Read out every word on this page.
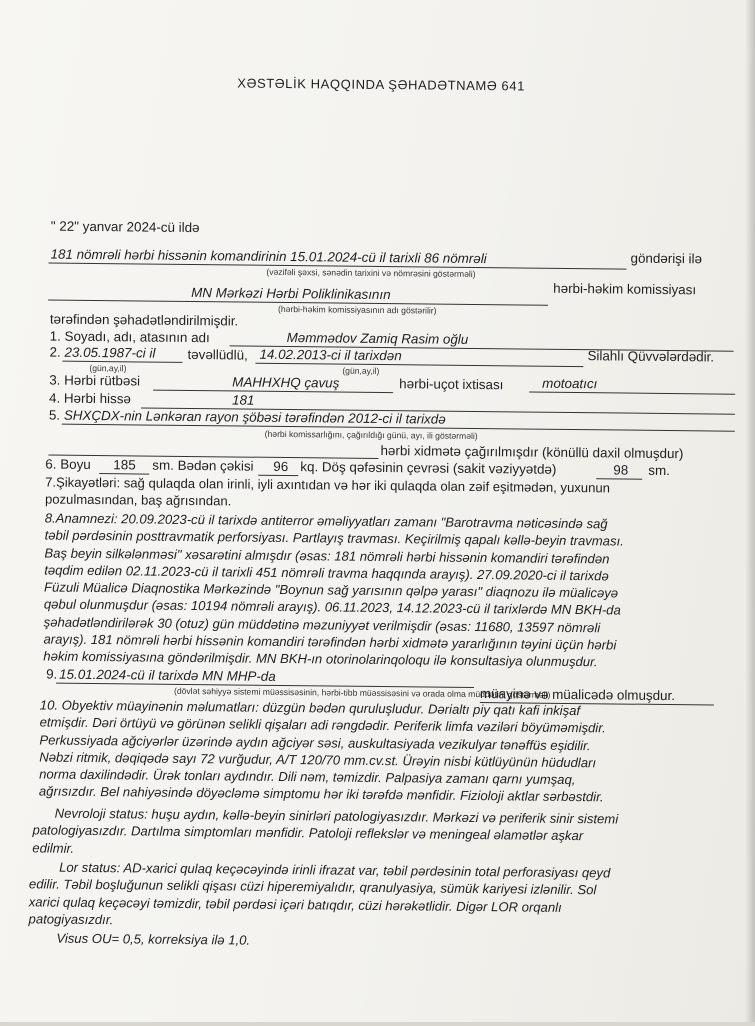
XƏSTƏLİK HAQQINDA ŞƏHADƏTNAMƏ 641
" 22" yanvar 2024-cü ildə
181 nömrəli hərbi hissənin komandirinin 15.01.2024-cü il tarixli 86 nömrəli	göndərişi ilə
(vəzifəli şəxsi, sənədin tarixini və nömrəsini göstərməli)
MN Mərkəzi Hərbi Poliklinikasının	hərbi-həkim komissiyası
(hərbi-həkim komissiyasının adı göstərilir)
tərəfindən şəhadətləndirilmişdir.
1. Soyadı, adı, atasının adı	Məmmədov Zamiq Rasim oğlu
2. 23.05.1987-ci il təvəllüdlü, 14.02.2013-ci il tarixdən	Silahlı Qüvvələrdədir.
(gün,ay,il)	(gün,ay,il)
3. Hərbi rütbəsi	MAHHXHQ çavuş	hərbi-uçot ixtisası	motoatıcı
4. Hərbi hissə	181
5. SHXÇDX-nin Lənkəran rayon şöbəsi tərəfindən 2012-ci il tarixdə
(hərbi komissarlığını, çağırıldığı günü, ayı, ili göstərməli)
hərbi xidmətə çağırılmışdır (könüllü daxil olmuşdur)
6. Boyu 185 sm. Bədən çəkisi 96 kq. Döş qəfəsinin çevrəsi (sakit vəziyyətdə)	98 sm.
7.Şikayətləri: sağ qulaqda olan irinli, iyli axıntıdan və hər iki qulaqda olan zəif eşitmədən, yuxunun
pozulmasından, baş ağrısından.
8.Anamnezi: 20.09.2023-cü il tarixdə antiterror əməliyyatları zamanı "Barotravma nəticəsində sağ
təbil pərdəsinin posttravmatik perforsiyası. Partlayış travması. Keçirilmiş qapalı kəllə-beyin travması.
Baş beyin silkələnməsi" xəsarətini almışdır (əsas: 181 nömrəli hərbi hissənin komandiri tərəfindən
təqdim edilən 02.11.2023-cü il tarixli 451 nömrəli travma haqqında arayış). 27.09.2020-ci il tarixdə
Füzuli Müalicə Diaqnostika Mərkəzində "Boynun sağ yarısının qəlpə yarası" diaqnozu ilə müalicəyə
qəbul olunmuşdur (əsas: 10194 nömrəli arayış). 06.11.2023, 14.12.2023-cü il tarixlərdə MN BKH-da
şəhadətləndirilərək 30 (otuz) gün müddətinə məzuniyyət verilmişdir (əsas: 11680, 13597 nömrəli
arayış). 181 nömrəli hərbi hissənin komandiri tərəfindən hərbi xidmətə yararlığının təyini üçün hərbi
həkim komissiyasına göndərilmişdir. MN BKH-ın otorinolarinqoloqu ilə konsultasiya olunmuşdur.
9. 15.01.2024-cü il tarixdə MN MHP-da
(dövlət səhiyyə sistemi müəssisəsinin, hərbi-tibb müəssisəsini və orada olma müddətini göstərməli)
müayinə və müalicədə olmuşdur.
10. Obyektiv müayinənin məlumatları: düzgün bədən quruluşludur. Dərialtı piy qatı kafi inkişaf
etmişdir. Dəri örtüyü və görünən selikli qişaları adi rəngdədir. Periferik limfa vəziləri böyüməmişdir.
Perkussiyada ağciyərlər üzərində aydın ağciyər səsi, auskultasiyada vezikulyar tənəffüs eşidilir.
Nəbzi ritmik, dəqiqədə sayı 72 vurğudur, A/T 120/70 mm.cv.st. Ürəyin nisbi kütlüyünün hüdudları
norma daxilindədir. Ürək tonları aydındır. Dili nəm, təmizdir. Palpasiya zamanı qarnı yumşaq,
ağrısızdır. Bel nahiyəsində döyəcləmə simptomu hər iki tərəfdə mənfidir. Fizioloji aktlar sərbəstdir.
Nevroloji status: huşu aydın, kəllə-beyin sinirləri patologiyasızdır. Mərkəzi və periferik sinir sistemi
patologiyasızdır. Dartılma simptomları mənfidir. Patoloji reflekslər və meningeal əlamətlər aşkar
edilmir.
Lor status: AD-xarici qulaq keçəcəyində irinli ifrazat var, təbil pərdəsinin total perforasiyası qeyd
edilir. Təbil boşluğunun selikli qişası cüzi hiperemiyalıdır, qranulyasiya, sümük kariyesi izlənilir. Sol
xarici qulaq keçəcəyi təmizdir, təbil pərdəsi içəri batıqdır, cüzi hərəkətlidir. Digər LOR orqanlı
patogiyasızdır.
Visus OU= 0,5, korreksiya ilə 1,0.
